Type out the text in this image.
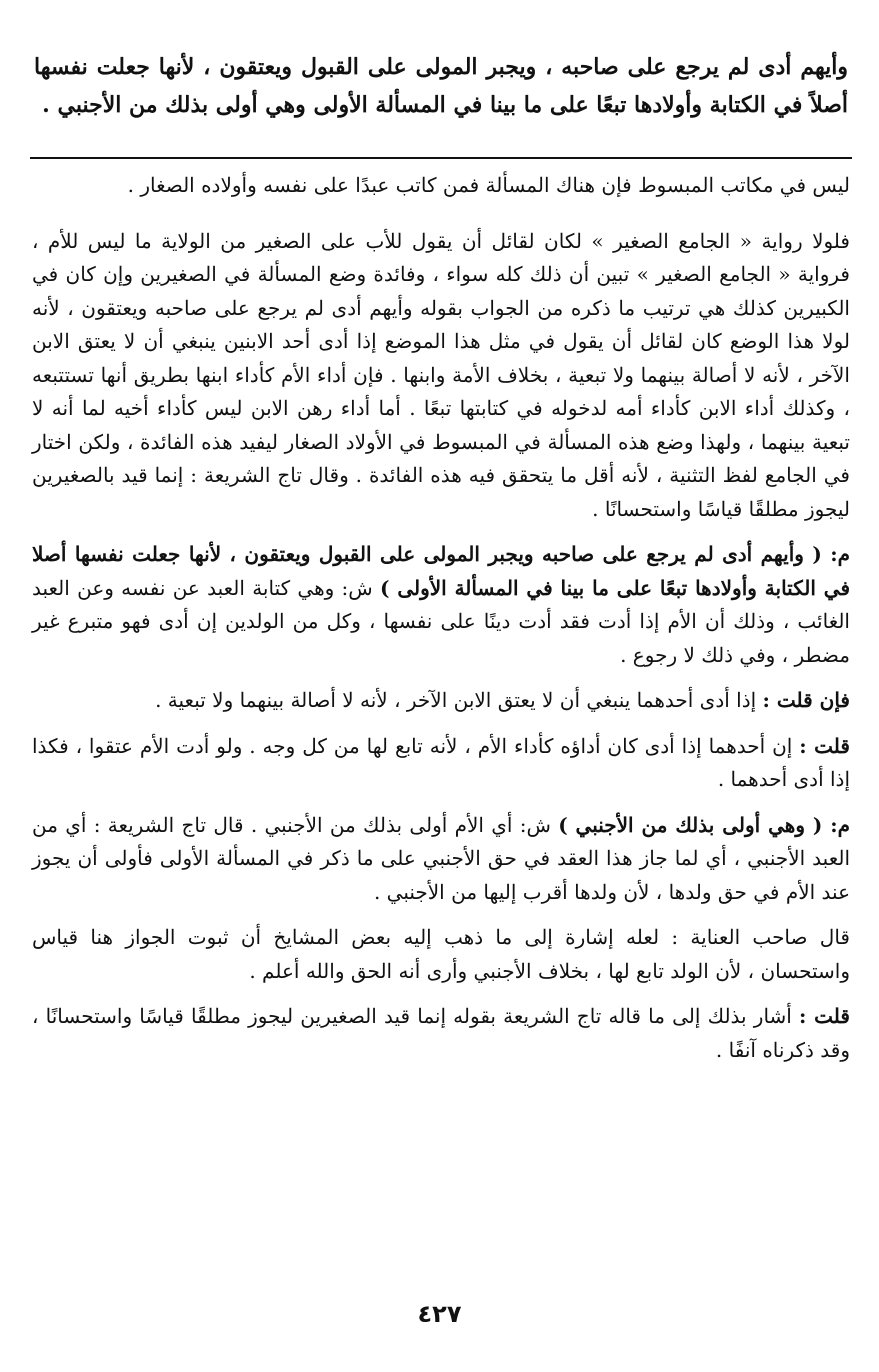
وأيهم أدى لم يرجع على صاحبه ، ويجبر المولى على القبول ويعتقون ، لأنها جعلت نفسها أصلاً في الكتابة وأولادها تبعًا على ما بينا في المسألة الأولى وهي أولى بذلك من الأجنبي .

ليس في مكاتب المبسوط فإن هناك المسألة فمن كاتب عبدًا على نفسه وأولاده الصغار .

فلولا رواية « الجامع الصغير » لكان لقائل أن يقول للأب على الصغير من الولاية ما ليس للأم ، فرواية « الجامع الصغير » تبين أن ذلك كله سواء ، وفائدة وضع المسألة في الصغيرين وإن كان في الكبيرين كذلك هي ترتيب ما ذكره من الجواب بقوله وأيهم أدى لم يرجع على صاحبه ويعتقون ، لأنه لولا هذا الوضع كان لقائل أن يقول في مثل هذا الموضع إذا أدى أحد الابنين ينبغي أن لا يعتق الابن الآخر ، لأنه لا أصالة بينهما ولا تبعية ، بخلاف الأمة وابنها . فإن أداء الأم كأداء ابنها بطريق أنها تستتبعه ، وكذلك أداء الابن كأداء أمه لدخوله في كتابتها تبعًا . أما أداء رهن الابن ليس كأداء أخيه لما أنه لا تبعية بينهما ، ولهذا وضع هذه المسألة في المبسوط في الأولاد الصغار ليفيد هذه الفائدة ، ولكن اختار في الجامع لفظ التثنية ، لأنه أقل ما يتحقق فيه هذه الفائدة . وقال تاج الشريعة : إنما قيد بالصغيرين ليجوز مطلقًا قياسًا واستحسانًا .

م: ( وأيهم أدى لم يرجع على صاحبه ويجبر المولى على القبول ويعتقون ، لأنها جعلت نفسها أصلا في الكتابة وأولادها تبعًا على ما بينا في المسألة الأولى ) ش: وهي كتابة العبد عن نفسه وعن العبد الغائب ، وذلك أن الأم إذا أدت فقد أدت دينًا على نفسها ، وكل من الولدين إن أدى فهو متبرع غير مضطر ، وفي ذلك لا رجوع .

فإن قلت : إذا أدى أحدهما ينبغي أن لا يعتق الابن الآخر ، لأنه لا أصالة بينهما ولا تبعية .

قلت : إن أحدهما إذا أدى كان أداؤه كأداء الأم ، لأنه تابع لها من كل وجه . ولو أدت الأم عتقوا ، فكذا إذا أدى أحدهما .

م: ( وهي أولى بذلك من الأجنبي ) ش: أي الأم أولى بذلك من الأجنبي . قال تاج الشريعة : أي من العبد الأجنبي ، أي لما جاز هذا العقد في حق الأجنبي على ما ذكر في المسألة الأولى فأولى أن يجوز عند الأم في حق ولدها ، لأن ولدها أقرب إليها من الأجنبي .

قال صاحب العناية : لعله إشارة إلى ما ذهب إليه بعض المشايخ أن ثبوت الجواز هنا قياس واستحسان ، لأن الولد تابع لها ، بخلاف الأجنبي وأرى أنه الحق والله أعلم .

قلت : أشار بذلك إلى ما قاله تاج الشريعة بقوله إنما قيد الصغيرين ليجوز مطلقًا قياسًا واستحسانًا ، وقد ذكرناه آنفًا .

٤٢٧
